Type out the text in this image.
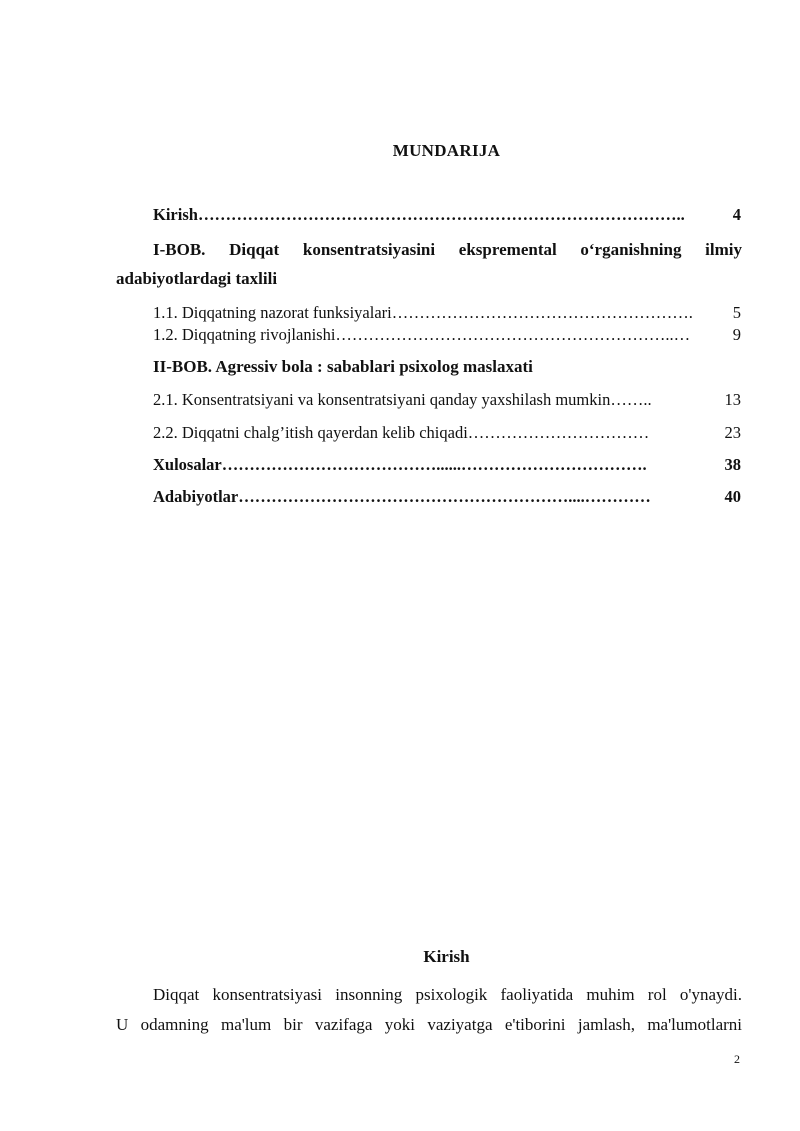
MUNDARIJA
Kirish ……………………………………………………………………………..	4
I-BOB. Diqqat konsentratsiyasini ekspremental o‘rganishning ilmiy
adabiyotlardagi taxlili
1.1. Diqqatning nazorat funksiyalari ……………………………………………….	5
1.2. Diqqatning rivojlanishi ……………………………………………………..…	9
II-BOB. Agressiv bola : sabablari psixolog maslaxati
2.1. Konsentratsiyani va konsentratsiyani qanday yaxshilash mumkin ……..	13
2.2. Diqqatni chalg’itish qayerdan kelib chiqadi ……………………………	23
Xulosalar …………………………………......…………………………….	38
Adabiyotlar ……………………………………………………....…………	40
Kirish
Diqqat konsentratsiyasi insonning psixologik faoliyatida muhim rol o'ynaydi.
U odamning ma'lum bir vazifaga yoki vaziyatga e'tiborini jamlash, ma'lumotlarni
2
